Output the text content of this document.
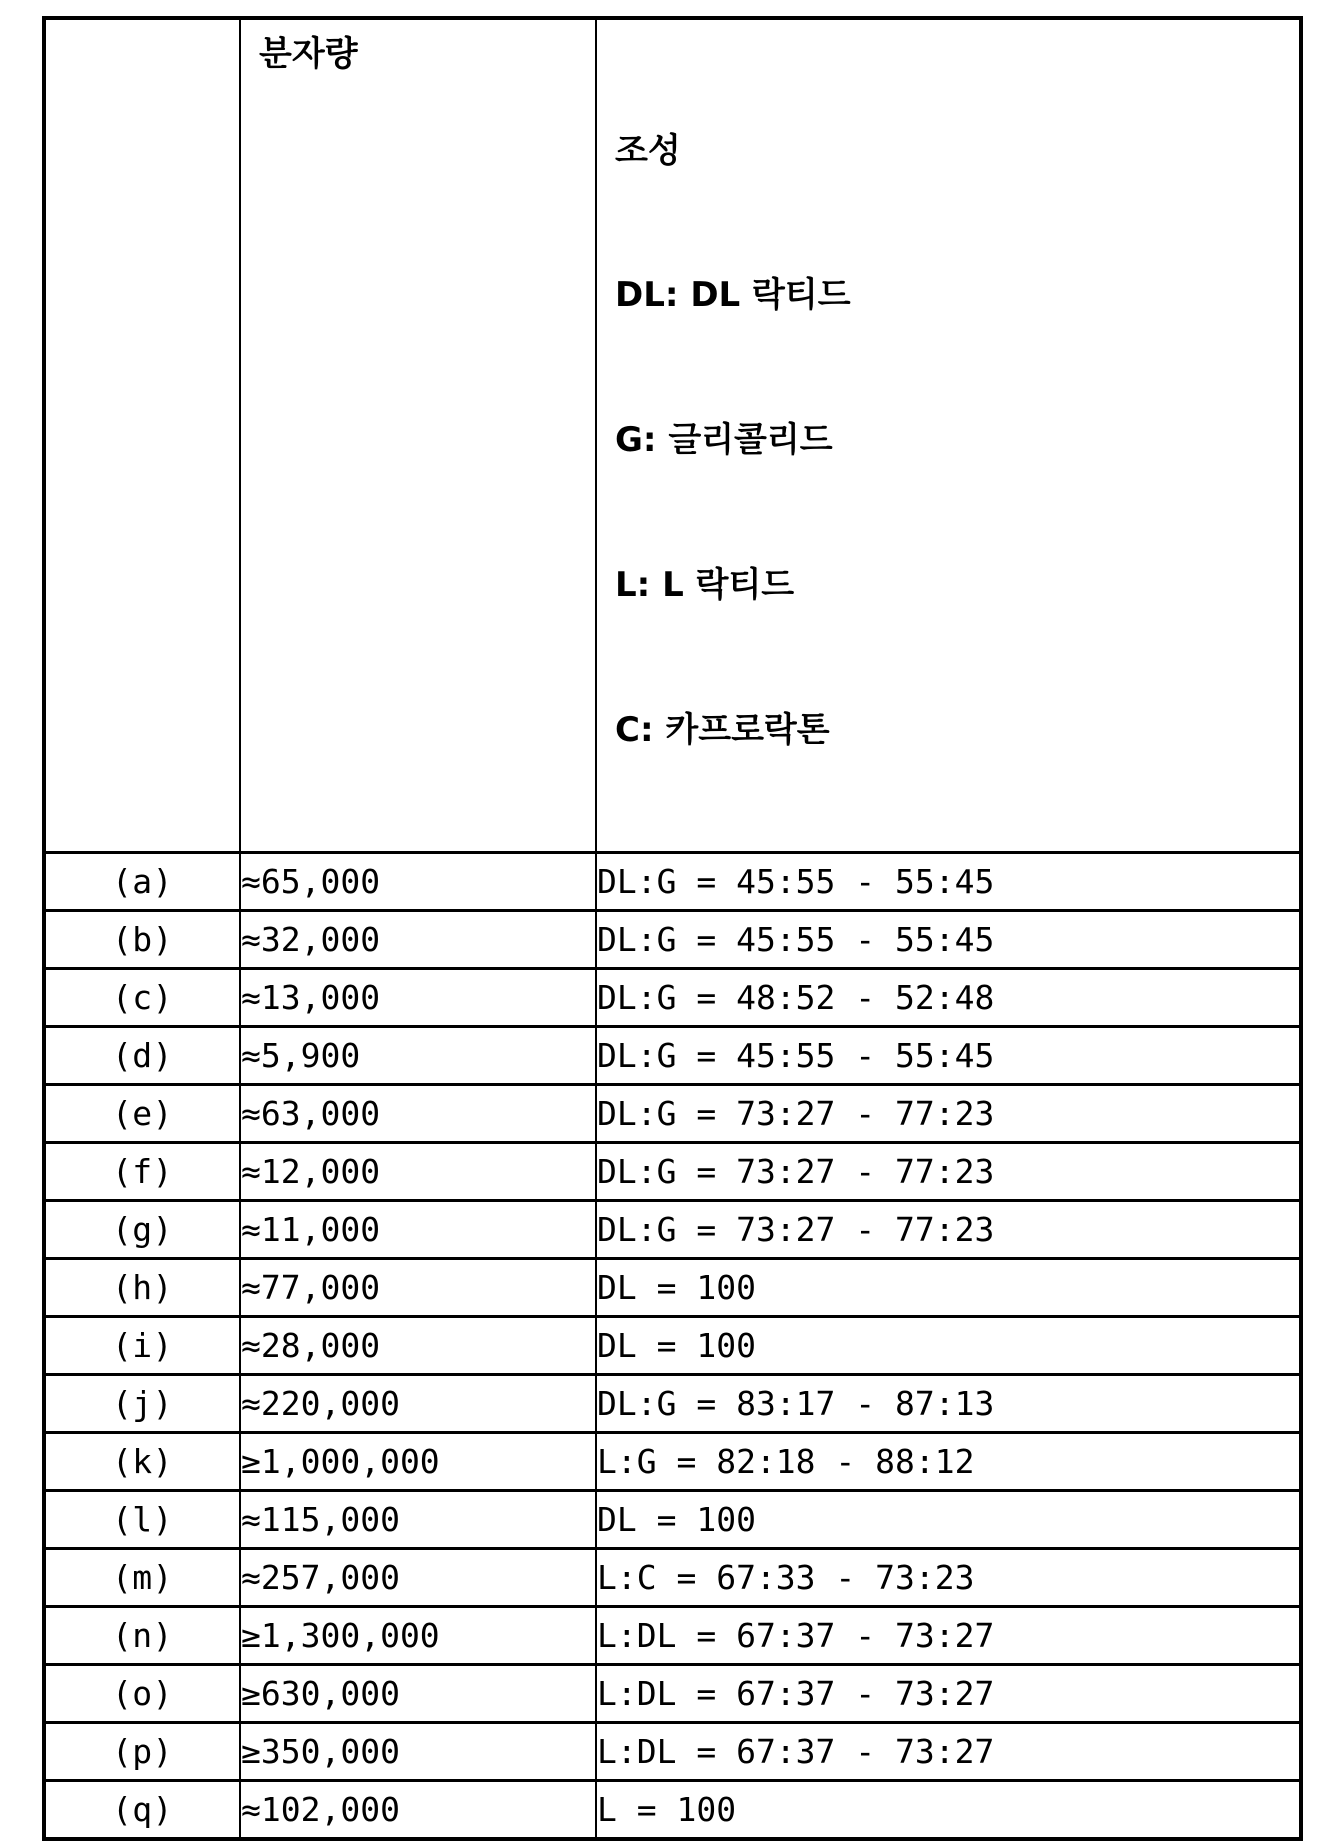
	분자량	조성

DL: DL 락티드

G: 글리콜리드

L: L 락티드

C: 카프로락톤

(a)	≈65,000	DL:G = 45:55 - 55:45
(b)	≈32,000	DL:G = 45:55 - 55:45
(c)	≈13,000	DL:G = 48:52 - 52:48
(d)	≈5,900	DL:G = 45:55 - 55:45
(e)	≈63,000	DL:G = 73:27 - 77:23
(f)	≈12,000	DL:G = 73:27 - 77:23
(g)	≈11,000	DL:G = 73:27 - 77:23
(h)	≈77,000	DL = 100
(i)	≈28,000	DL = 100
(j)	≈220,000	DL:G = 83:17 - 87:13
(k)	≥1,000,000	L:G = 82:18 - 88:12
(l)	≈115,000	DL = 100
(m)	≈257,000	L:C = 67:33 - 73:23
(n)	≥1,300,000	L:DL = 67:37 - 73:27
(o)	≥630,000	L:DL = 67:37 - 73:27
(p)	≥350,000	L:DL = 67:37 - 73:27
(q)	≈102,000	L = 100
